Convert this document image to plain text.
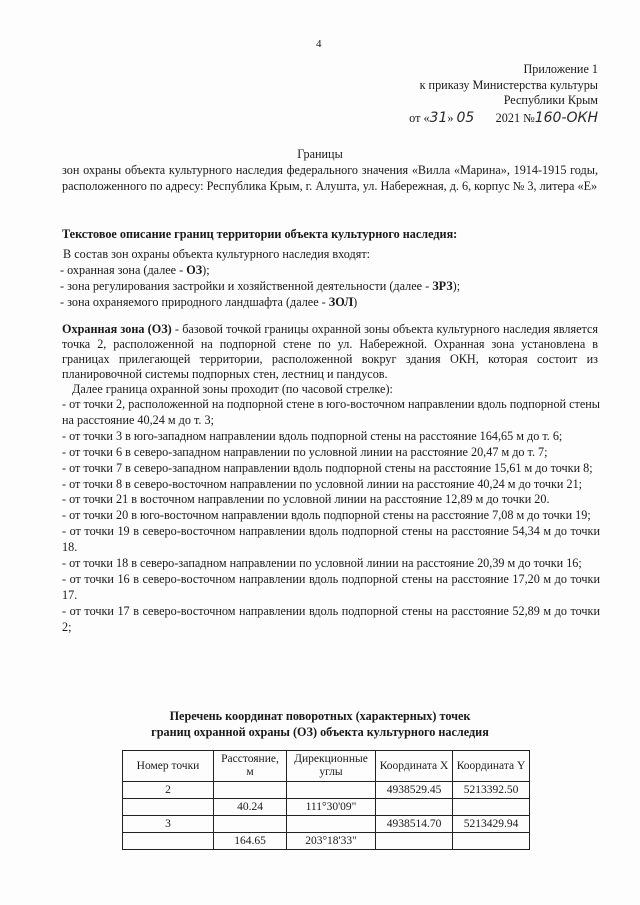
4
Приложение 1
к приказу Министерства культуры
Республики Крым
от «31» 05 2021 №160-ОКН
Границы
зон охраны объекта культурного наследия федерального значения «Вилла «Марина», 1914-1915 годы, расположенного по адресу: Республика Крым, г. Алушта, ул. Набережная, д. 6, корпус № 3, литера «Е»
Текстовое описание границ территории объекта культурного наследия:
В состав зон охраны объекта культурного наследия входят:
- охранная зона (далее - ОЗ);
- зона регулирования застройки и хозяйственной деятельности (далее - ЗРЗ);
- зона охраняемого природного ландшафта (далее - ЗОЛ)
Охранная зона (ОЗ) - базовой точкой границы охранной зоны объекта культурного наследия является точка 2, расположенной на подпорной стене по ул. Набережной. Охранная зона установлена в границах прилегающей территории, расположенной вокруг здания ОКН, которая состоит из планировочной системы подпорных стен, лестниц и пандусов.
Далее граница охранной зоны проходит (по часовой стрелке):
- от точки 2, расположенной на подпорной стене в юго-восточном направлении вдоль подпорной стены на расстояние 40,24 м до т. 3;
- от точки 3 в юго-западном направлении вдоль подпорной стены на расстояние 164,65 м до т. 6;
- от точки 6 в северо-западном направлении по условной линии на расстояние 20,47 м до т. 7;
- от точки 7 в северо-западном направлении вдоль подпорной стены на расстояние 15,61 м до точки 8;
- от точки 8 в северо-восточном направлении по условной линии на расстояние 40,24 м до точки 21;
- от точки 21 в восточном направлении по условной линии на расстояние 12,89 м до точки 20.
- от точки 20 в юго-восточном направлении вдоль подпорной стены на расстояние 7,08 м до точки 19;
- от точки 19 в северо-восточном направлении вдоль подпорной стены на расстояние 54,34 м до точки 18.
- от точки 18 в северо-западном направлении по условной линии на расстояние 20,39 м до точки 16;
- от точки 16 в северо-восточном направлении вдоль подпорной стены на расстояние 17,20 м до точки 17.
- от точки 17 в северо-восточном направлении вдоль подпорной стены на расстояние 52,89 м до точки 2;
Перечень координат поворотных (характерных) точек
границ охранной охраны (ОЗ) объекта культурного наследия
Номер точки	Расстояние, м	Дирекционные углы	Координата X	Координата Y
2			4938529.45	5213392.50
	40.24	111°30'09"		
3			4938514.70	5213429.94
	164.65	203°18'33"		
